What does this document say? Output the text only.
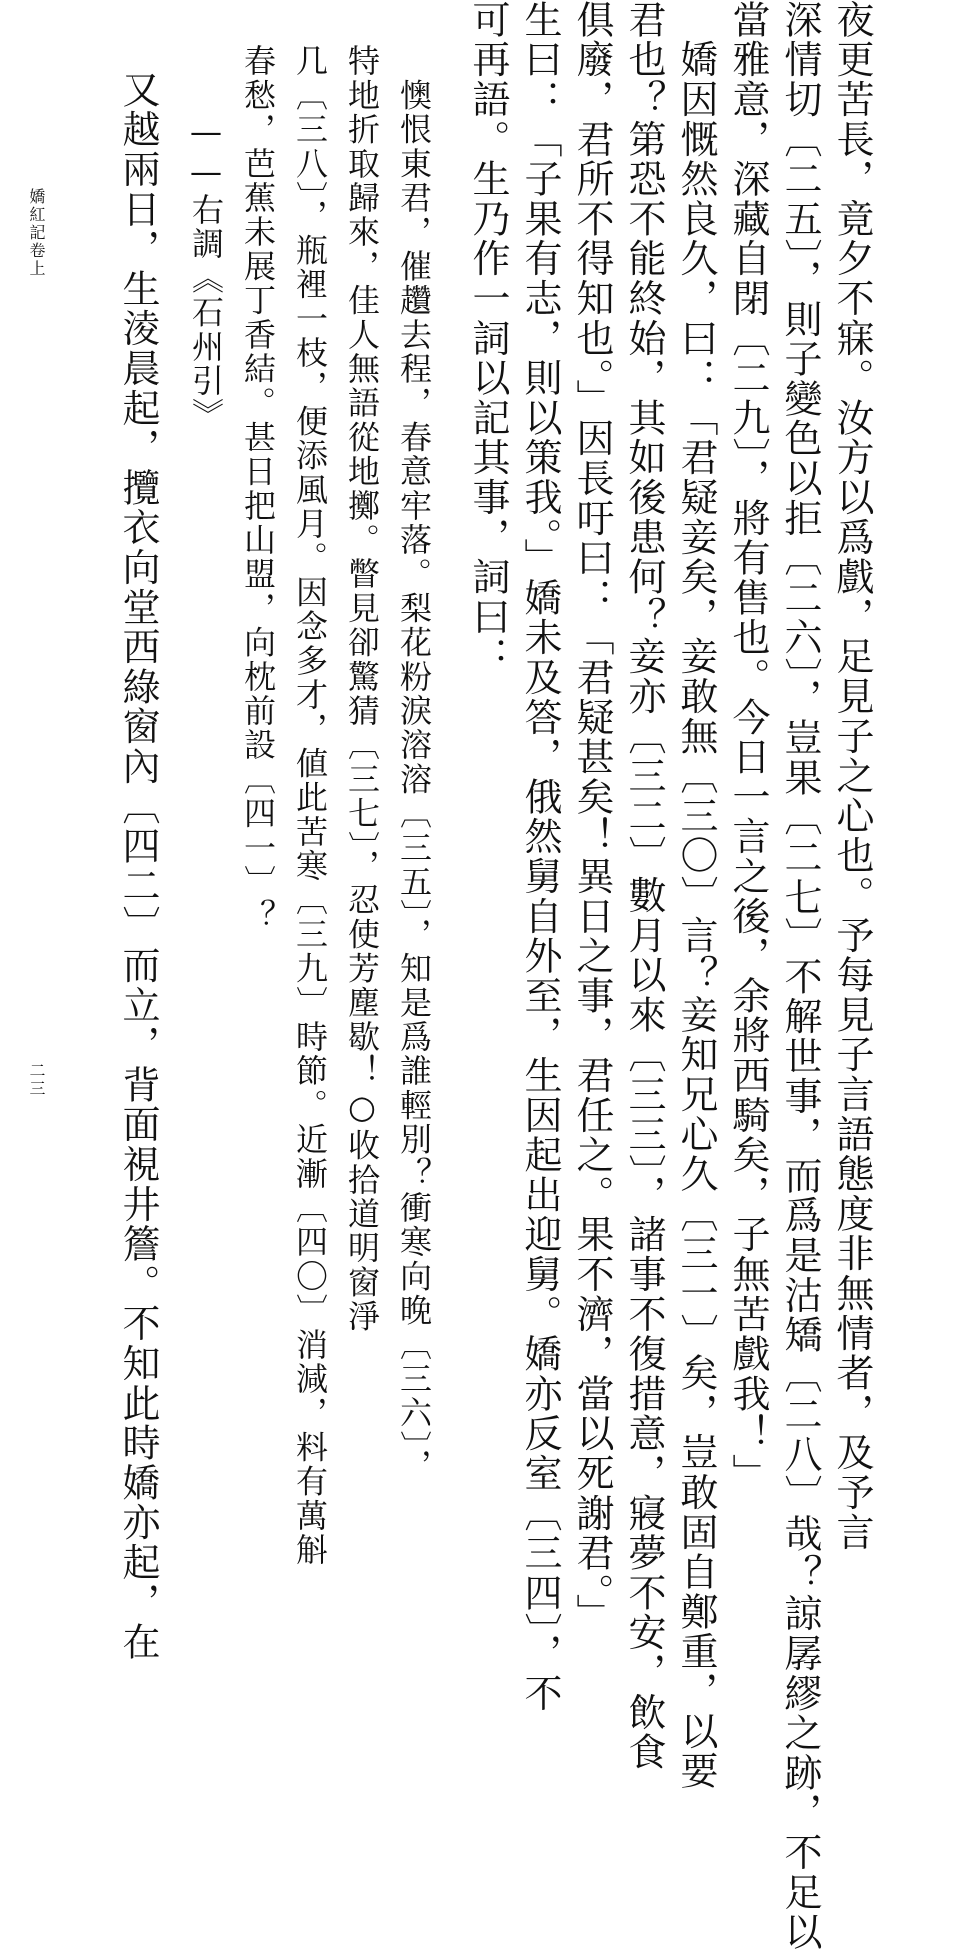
夜更苦長，竟夕不寐。汝方以爲戲，足見子之心也。予每見子言語態度非無情者，及予言
深情切〔二五〕，則子變色以拒〔二六〕，豈果〔二七〕不解世事，而爲是沽矯〔二八〕哉？諒孱繆之跡，不足以
當雅意，深藏自閉〔二九〕，將有售也。今日一言之後，余將西騎矣，子無苦戲我！」
　嬌因慨然良久，曰：「君疑妾矣，妾敢無〔三〇〕言？妾知兄心久〔三一〕矣，豈敢固自鄭重，以要
君也？第恐不能終始，其如後患何？妾亦〔三二〕數月以來〔三三〕，諸事不復措意，寢夢不安，飲食
俱廢，君所不得知也。」因長吁曰：「君疑甚矣！異日之事，君任之。果不濟，當以死謝君。」
生曰：「子果有志，則以策我。」嬌未及答，俄然舅自外至，生因起出迎舅。嬌亦反室〔三四〕，不
可再語。生乃作一詞以記其事，詞曰：
　懊恨東君，催趲去程，春意牢落。梨花粉淚溶溶〔三五〕，知是爲誰輕別？衝寒向晚〔三六〕，
特地折取歸來，佳人無語從地擲。瞥見卻驚猜〔三七〕，忍使芳塵歇！○收拾道明窗淨
几〔三八〕，瓶裡一枝，便添風月。因念多才，値此苦寒〔三九〕時節。近漸〔四〇〕消減，料有萬斛
春愁，芭蕉未展丁香結。甚日把山盟，向枕前設〔四一〕？
　　——右調《石州引》
又越兩日，生淩晨起，攬衣向堂西綠窗內〔四二〕而立，背面視井簷。不知此時嬌亦起，在
嬌紅記卷上
二三
